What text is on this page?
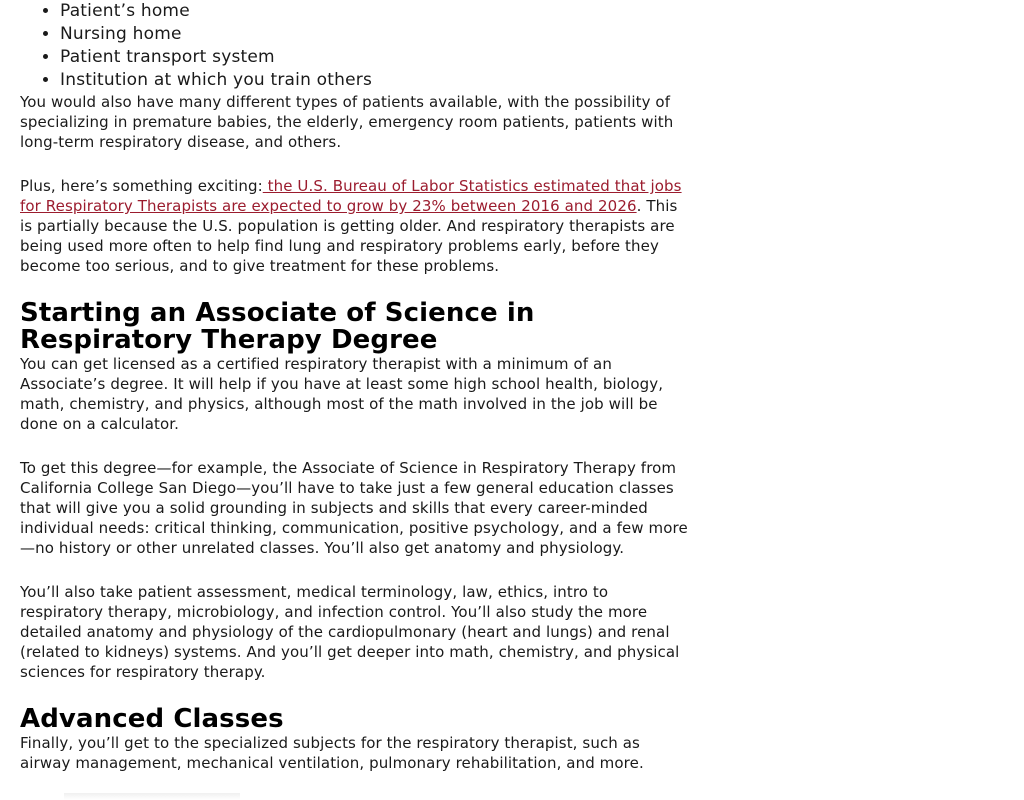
• Patient’s home
• Nursing home
• Patient transport system
• Institution at which you train others

You would also have many different types of patients available, with the possibility of specializing in premature babies, the elderly, emergency room patients, patients with long-term respiratory disease, and others.

Plus, here’s something exciting: the U.S. Bureau of Labor Statistics estimated that jobs for Respiratory Therapists are expected to grow by 23% between 2016 and 2026. This is partially because the U.S. population is getting older. And respiratory therapists are being used more often to help find lung and respiratory problems early, before they become too serious, and to give treatment for these problems.

Starting an Associate of Science in Respiratory Therapy Degree

You can get licensed as a certified respiratory therapist with a minimum of an Associate’s degree. It will help if you have at least some high school health, biology, math, chemistry, and physics, although most of the math involved in the job will be done on a calculator.

To get this degree—for example, the Associate of Science in Respiratory Therapy from California College San Diego—you’ll have to take just a few general education classes that will give you a solid grounding in subjects and skills that every career-minded individual needs: critical thinking, communication, positive psychology, and a few more—no history or other unrelated classes. You’ll also get anatomy and physiology.

You’ll also take patient assessment, medical terminology, law, ethics, intro to respiratory therapy, microbiology, and infection control. You’ll also study the more detailed anatomy and physiology of the cardiopulmonary (heart and lungs) and renal (related to kidneys) systems. And you’ll get deeper into math, chemistry, and physical sciences for respiratory therapy.

Advanced Classes

Finally, you’ll get to the specialized subjects for the respiratory therapist, such as airway management, mechanical ventilation, pulmonary rehabilitation, and more.
